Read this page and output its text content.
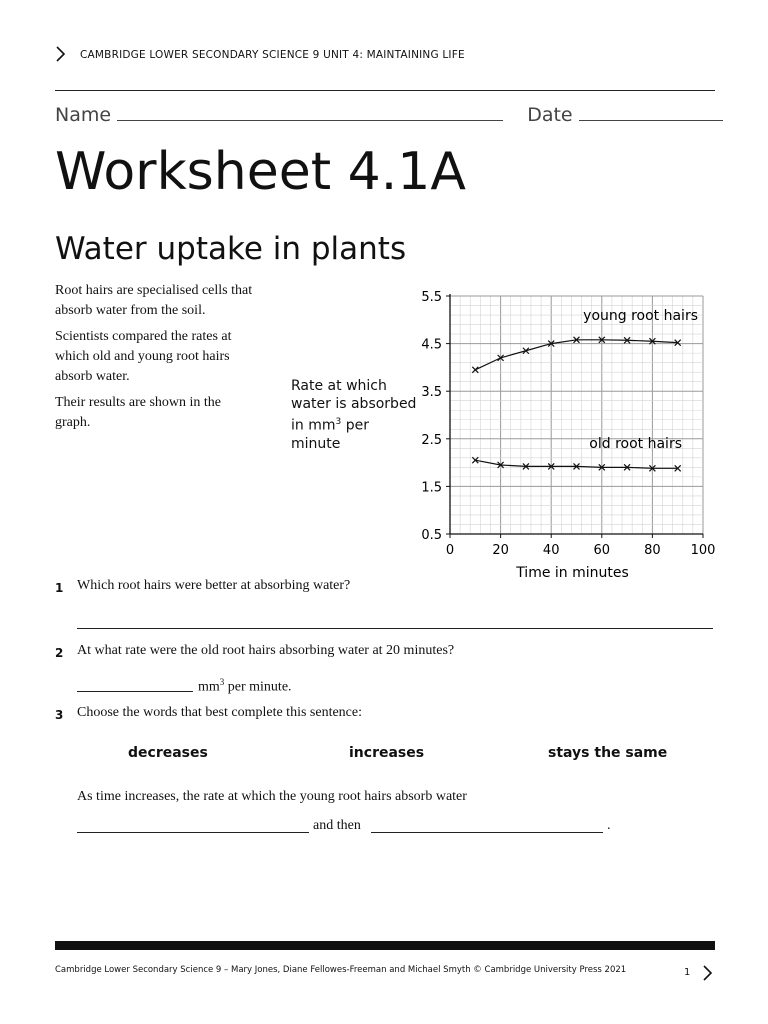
CAMBRIDGE LOWER SECONDARY SCIENCE 9 UNIT 4: MAINTAINING LIFE
Name	Date
Worksheet 4.1A
Water uptake in plants
Root hairs are specialised cells that absorb water from the soil.
Scientists compared the rates at which old and young root hairs absorb water.
Their results are shown in the graph.
Rate at which
water is absorbed
in $mm^3$ per
minute
0	20	40	60	80 100
0.5
1.5
2.5
3.5
4.5
5.5
Time in minutes
young root hairs
old root hairs
1 Which root hairs were better at absorbing water?
2 At what rate were the old root hairs absorbing water at 20 minutes?
$mm^3$ per minute.
3 Choose the words that best complete this sentence:
decreases	increases	stays the same
As time increases, the rate at which the young root hairs absorb water
and then	.
Cambridge Lower Secondary Science 9 – Mary Jones, Diane Fellowes-Freeman and Michael Smyth © Cambridge University Press 2021	1
